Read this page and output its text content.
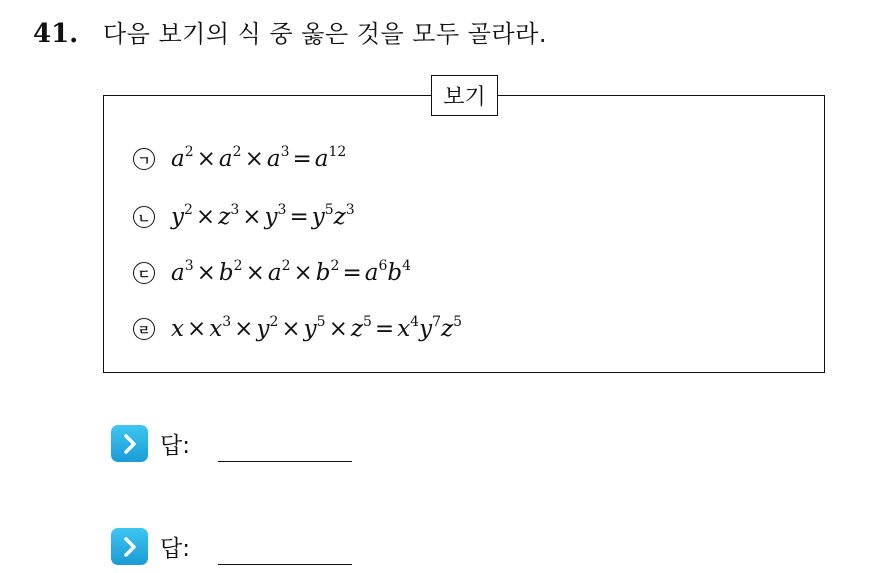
41.	다음 보기의 식 중 옳은 것을 모두 골라라.
보기
ㄱ $a^2 \times a^2 \times a^3 = a^{12}$
ㄴ $y^2 \times z^3 \times y^3 = y^5z^3$
ㄷ $a^3 \times b^2 \times a^2 \times b^2 = a^6b^4$
ㄹ $x \times x^3 \times y^2 \times y^5 \times z^5 = x^4y^7z^5$
답:
답:
